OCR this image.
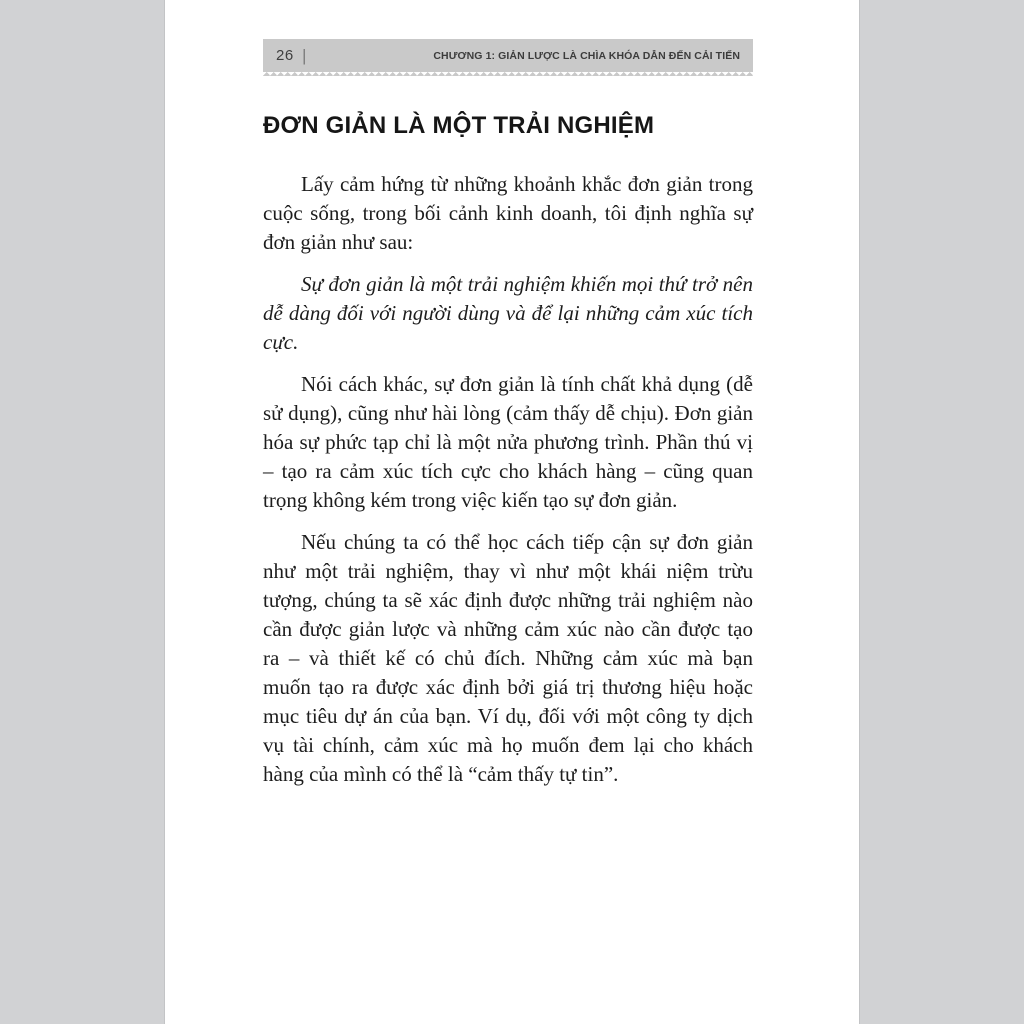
26 |	CHƯƠNG 1: GIẢN LƯỢC LÀ CHÌA KHÓA DẪN ĐẾN CẢI TIẾN
ĐƠN GIẢN LÀ MỘT TRẢI NGHIỆM

Lấy cảm hứng từ những khoảnh khắc đơn giản trong cuộc sống, trong bối cảnh kinh doanh, tôi định nghĩa sự đơn giản như sau:

Sự đơn giản là một trải nghiệm khiến mọi thứ trở nên dễ dàng đối với người dùng và để lại những cảm xúc tích cực.

Nói cách khác, sự đơn giản là tính chất khả dụng (dễ sử dụng), cũng như hài lòng (cảm thấy dễ chịu). Đơn giản hóa sự phức tạp chỉ là một nửa phương trình. Phần thú vị – tạo ra cảm xúc tích cực cho khách hàng – cũng quan trọng không kém trong việc kiến tạo sự đơn giản.

Nếu chúng ta có thể học cách tiếp cận sự đơn giản như một trải nghiệm, thay vì như một khái niệm trừu tượng, chúng ta sẽ xác định được những trải nghiệm nào cần được giản lược và những cảm xúc nào cần được tạo ra – và thiết kế có chủ đích. Những cảm xúc mà bạn muốn tạo ra được xác định bởi giá trị thương hiệu hoặc mục tiêu dự án của bạn. Ví dụ, đối với một công ty dịch vụ tài chính, cảm xúc mà họ muốn đem lại cho khách hàng của mình có thể là “cảm thấy tự tin”.
